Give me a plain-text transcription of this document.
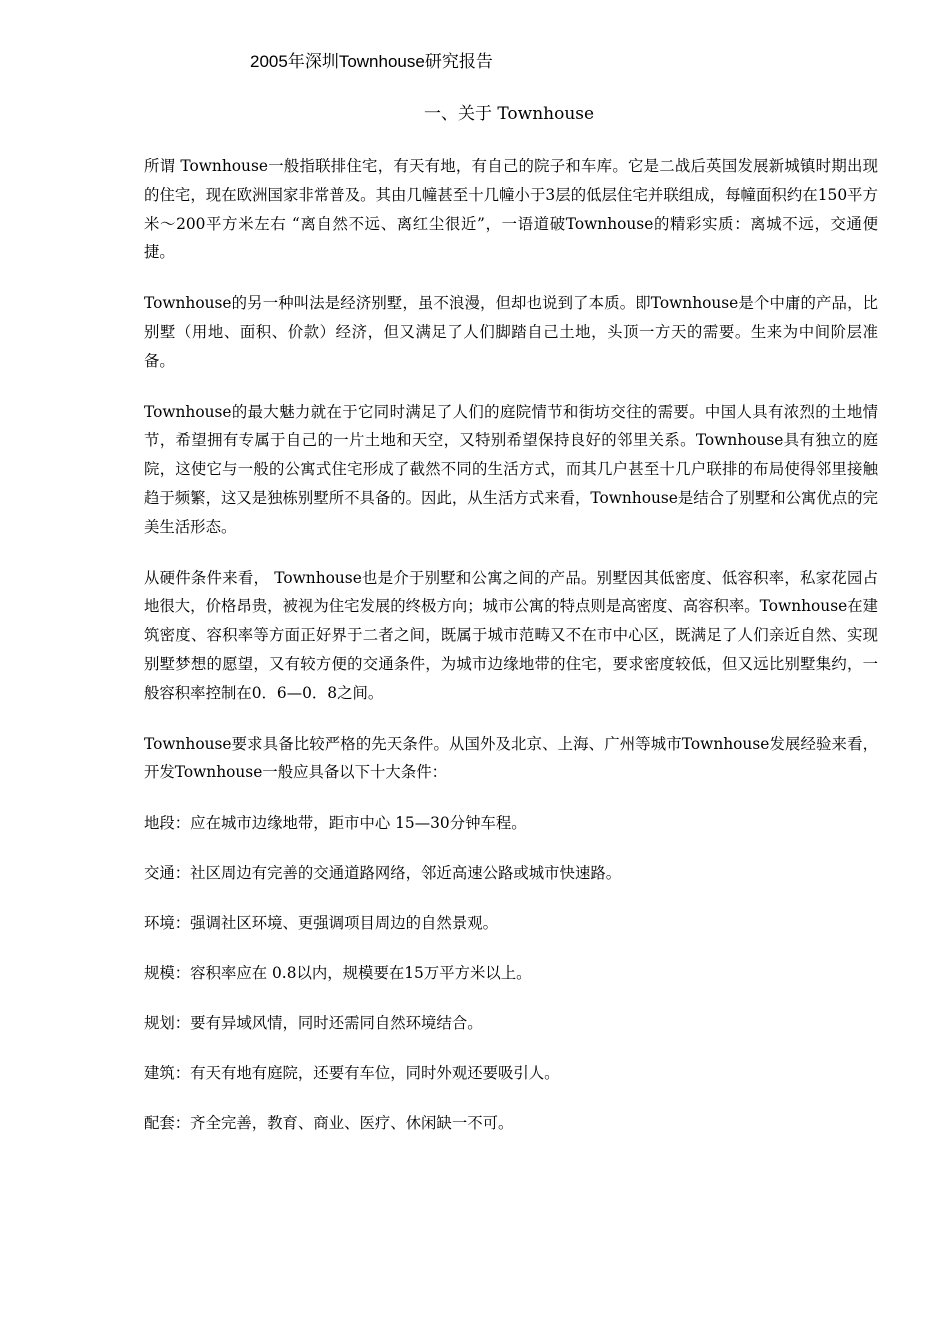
2005年深圳Townhouse研究报告
一、关于 Townhouse

所谓 Townhouse一般指联排住宅，有天有地，有自己的院子和车库。它是二战后英国发展新城镇时期出现的住宅，现在欧洲国家非常普及。其由几幢甚至十几幢小于3层的低层住宅并联组成，每幢面积约在150平方米～200平方米左右 “离自然不远、离红尘很近”，一语道破Townhouse的精彩实质：离城不远，交通便捷。

Townhouse的另一种叫法是经济别墅，虽不浪漫，但却也说到了本质。即Townhouse是个中庸的产品，比别墅（用地、面积、价款）经济，但又满足了人们脚踏自己土地，头顶一方天的需要。生来为中间阶层准备。

Townhouse的最大魅力就在于它同时满足了人们的庭院情节和街坊交往的需要。中国人具有浓烈的土地情节，希望拥有专属于自己的一片土地和天空，又特别希望保持良好的邻里关系。Townhouse具有独立的庭院，这使它与一般的公寓式住宅形成了截然不同的生活方式，而其几户甚至十几户联排的布局使得邻里接触趋于频繁，这又是独栋别墅所不具备的。因此，从生活方式来看，Townhouse是结合了别墅和公寓优点的完美生活形态。

从硬件条件来看， Townhouse也是介于别墅和公寓之间的产品。别墅因其低密度、低容积率，私家花园占地很大，价格昂贵，被视为住宅发展的终极方向；城市公寓的特点则是高密度、高容积率。Townhouse在建筑密度、容积率等方面正好界于二者之间，既属于城市范畴又不在市中心区，既满足了人们亲近自然、实现别墅梦想的愿望，又有较方便的交通条件，为城市边缘地带的住宅，要求密度较低，但又远比别墅集约，一般容积率控制在0．6—0．8之间。

Townhouse要求具备比较严格的先天条件。从国外及北京、上海、广州等城市Townhouse发展经验来看，开发Townhouse一般应具备以下十大条件：

地段：应在城市边缘地带，距市中心 15—30分钟车程。

交通：社区周边有完善的交通道路网络，邻近高速公路或城市快速路。

环境：强调社区环境、更强调项目周边的自然景观。

规模：容积率应在 0.8以内，规模要在15万平方米以上。

规划：要有异域风情，同时还需同自然环境结合。

建筑：有天有地有庭院，还要有车位，同时外观还要吸引人。

配套：齐全完善，教育、商业、医疗、休闲缺一不可。
